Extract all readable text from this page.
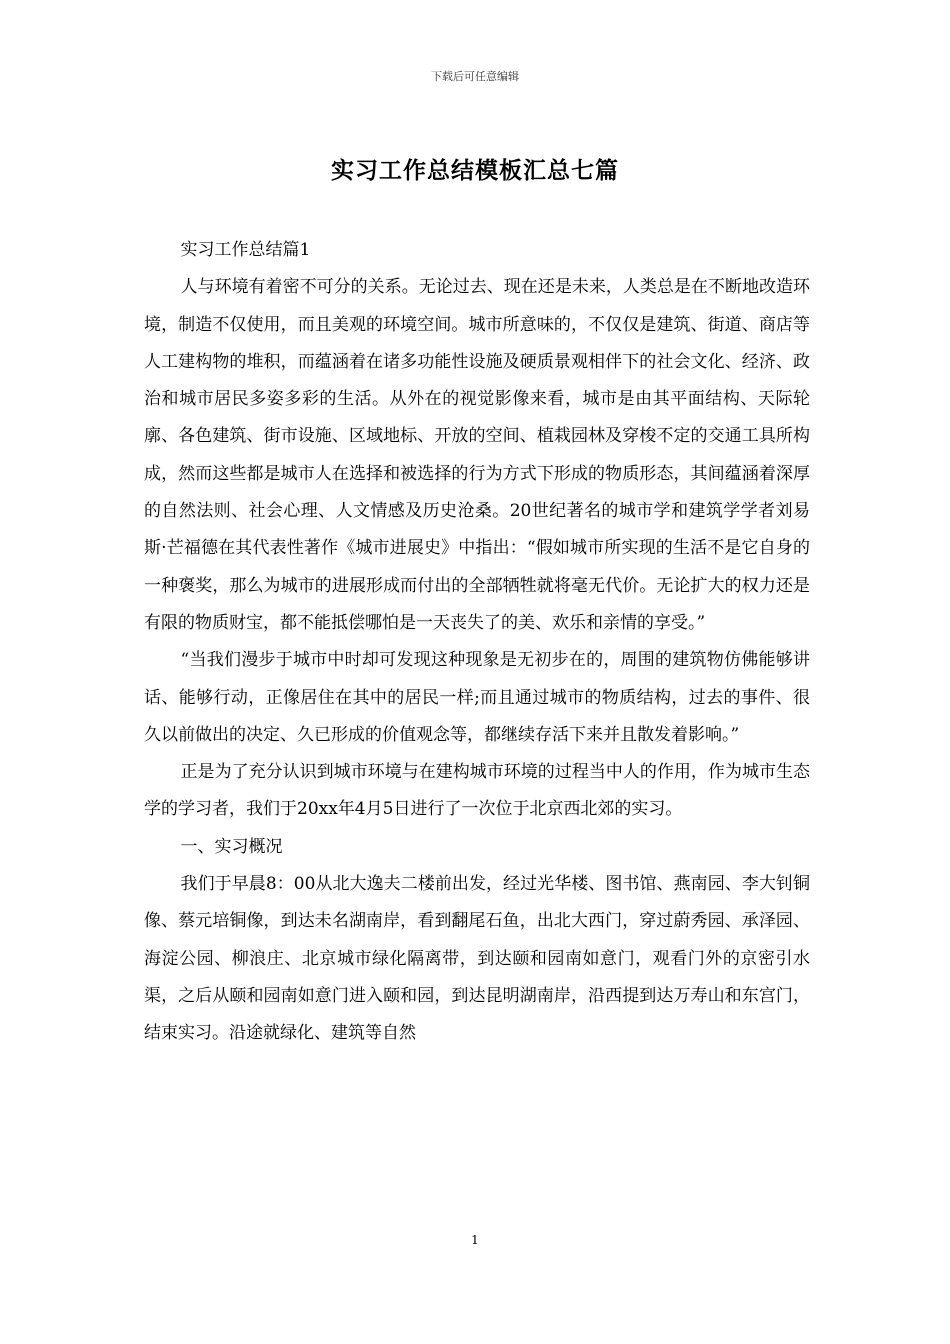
下载后可任意编辑
实习工作总结模板汇总七篇

实习工作总结篇1

人与环境有着密不可分的关系。无论过去、现在还是未来，人类总是在不断地改造环境，制造不仅使用，而且美观的环境空间。城市所意味的，不仅仅是建筑、街道、商店等人工建构物的堆积，而蕴涵着在诸多功能性设施及硬质景观相伴下的社会文化、经济、政治和城市居民多姿多彩的生活。从外在的视觉影像来看，城市是由其平面结构、天际轮廓、各色建筑、街市设施、区域地标、开放的空间、植栽园林及穿梭不定的交通工具所构成，然而这些都是城市人在选择和被选择的行为方式下形成的物质形态，其间蕴涵着深厚的自然法则、社会心理、人文情感及历史沧桑。20世纪著名的城市学和建筑学学者刘易斯·芒福德在其代表性著作《城市进展史》中指出：“假如城市所实现的生活不是它自身的一种褒奖，那么为城市的进展形成而付出的全部牺牲就将毫无代价。无论扩大的权力还是有限的物质财宝，都不能抵偿哪怕是一天丧失了的美、欢乐和亲情的享受。”

“当我们漫步于城市中时却可发现这种现象是无初步在的，周围的建筑物仿佛能够讲话、能够行动，正像居住在其中的居民一样;而且通过城市的物质结构，过去的事件、很久以前做出的决定、久已形成的价值观念等，都继续存活下来并且散发着影响。”

正是为了充分认识到城市环境与在建构城市环境的过程当中人的作用，作为城市生态学的学习者，我们于20xx年4月5日进行了一次位于北京西北郊的实习。

一、实习概况

我们于早晨8：00从北大逸夫二楼前出发，经过光华楼、图书馆、燕南园、李大钊铜像、蔡元培铜像，到达未名湖南岸，看到翻尾石鱼，出北大西门，穿过蔚秀园、承泽园、海淀公园、柳浪庄、北京城市绿化隔离带，到达颐和园南如意门，观看门外的京密引水渠，之后从颐和园南如意门进入颐和园，到达昆明湖南岸，沿西提到达万寿山和东宫门，结束实习。沿途就绿化、建筑等自然

1
